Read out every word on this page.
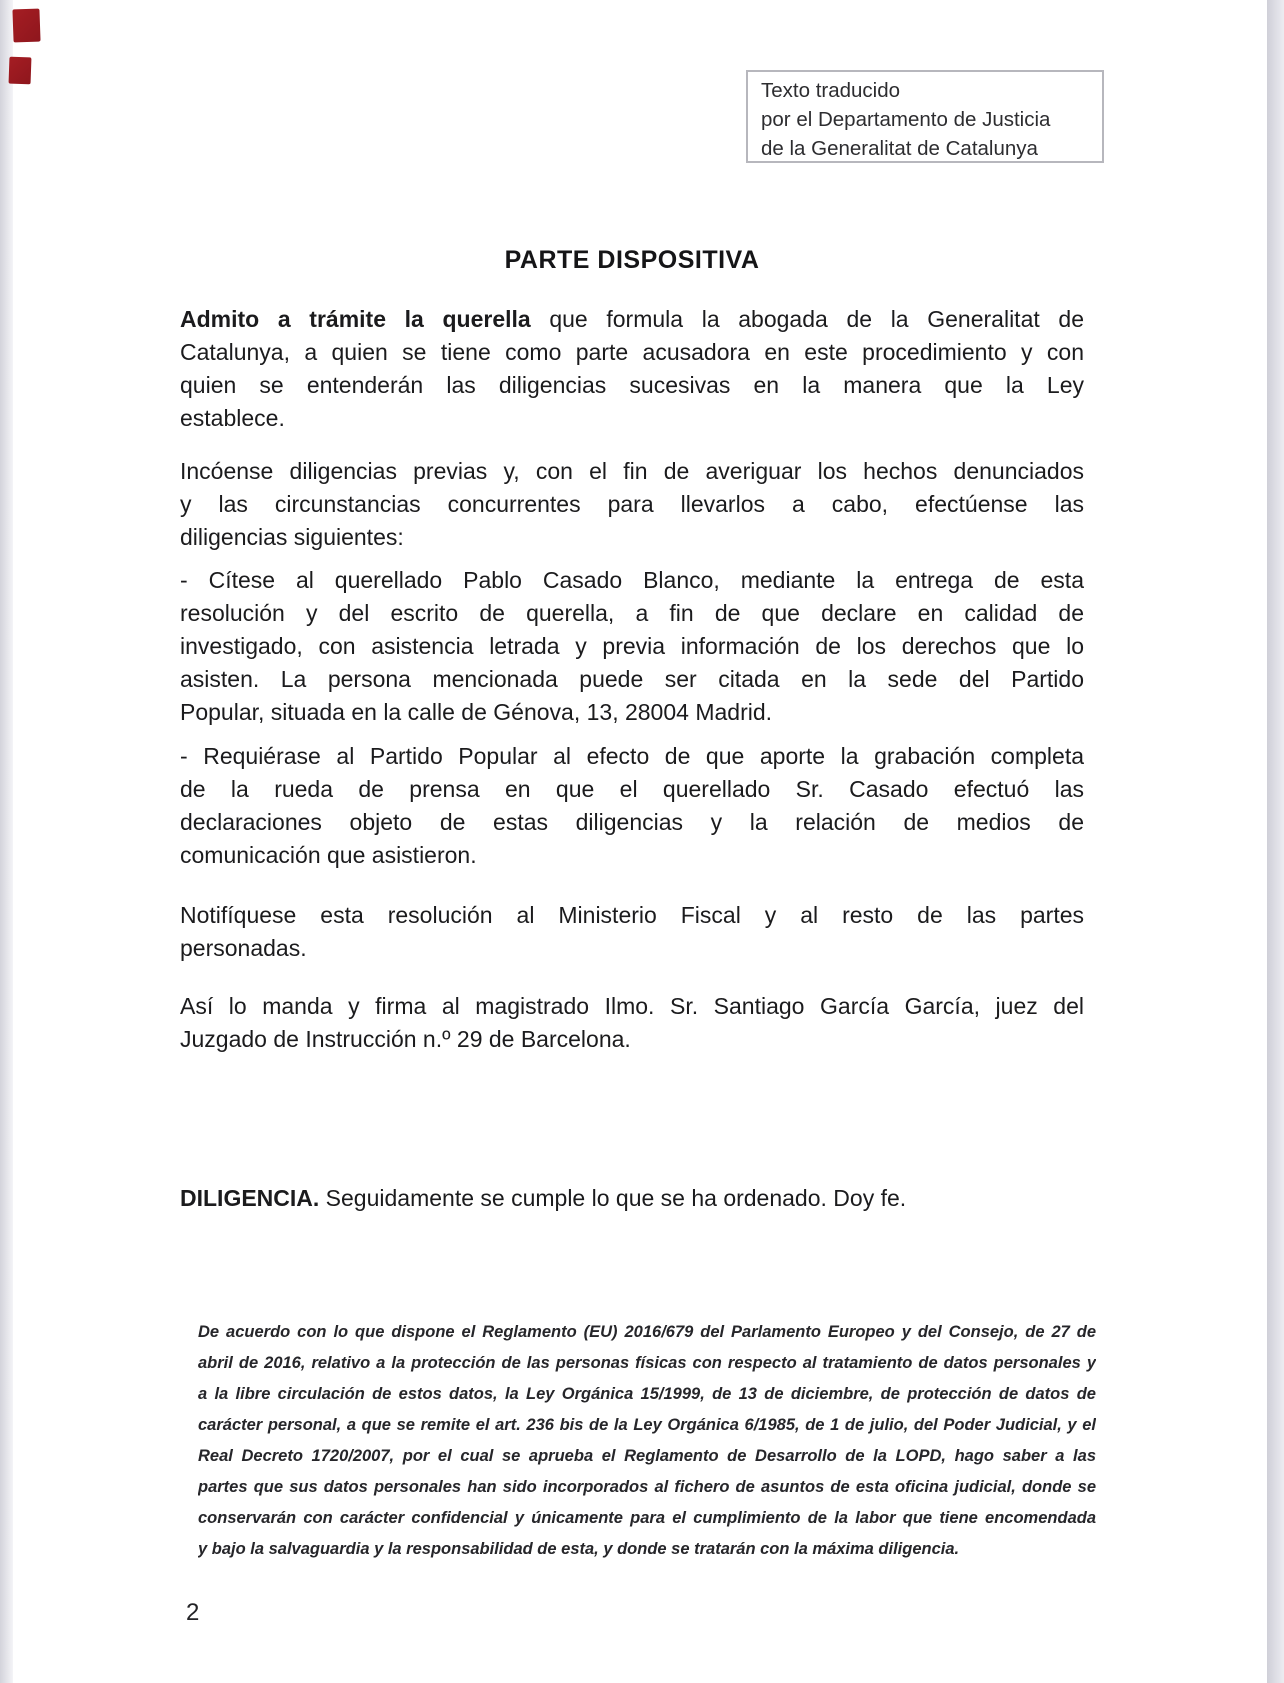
Texto traducido
por el Departamento de Justicia
de la Generalitat de Catalunya
PARTE DISPOSITIVA
Admito a trámite la querella que formula la abogada de la Generalitat de
Catalunya, a quien se tiene como parte acusadora en este procedimiento y con
quien se entenderán las diligencias sucesivas en la manera que la Ley
establece.
Incóense diligencias previas y, con el fin de averiguar los hechos denunciados
y las circunstancias concurrentes para llevarlos a cabo, efectúense las
diligencias siguientes:
- Cítese al querellado Pablo Casado Blanco, mediante la entrega de esta
resolución y del escrito de querella, a fin de que declare en calidad de
investigado, con asistencia letrada y previa información de los derechos que lo
asisten. La persona mencionada puede ser citada en la sede del Partido
Popular, situada en la calle de Génova, 13, 28004 Madrid.
- Requiérase al Partido Popular al efecto de que aporte la grabación completa
de la rueda de prensa en que el querellado Sr. Casado efectuó las
declaraciones objeto de estas diligencias y la relación de medios de
comunicación que asistieron.
Notifíquese esta resolución al Ministerio Fiscal y al resto de las partes
personadas.
Así lo manda y firma al magistrado Ilmo. Sr. Santiago García García, juez del
Juzgado de Instrucción n.º 29 de Barcelona.
DILIGENCIA. Seguidamente se cumple lo que se ha ordenado. Doy fe.
De acuerdo con lo que dispone el Reglamento (EU) 2016/679 del Parlamento Europeo y del Consejo, de 27 de
abril de 2016, relativo a la protección de las personas físicas con respecto al tratamiento de datos personales y
a la libre circulación de estos datos, la Ley Orgánica 15/1999, de 13 de diciembre, de protección de datos de
carácter personal, a que se remite el art. 236 bis de la Ley Orgánica 6/1985, de 1 de julio, del Poder Judicial, y el
Real Decreto 1720/2007, por el cual se aprueba el Reglamento de Desarrollo de la LOPD, hago saber a las
partes que sus datos personales han sido incorporados al fichero de asuntos de esta oficina judicial, donde se
conservarán con carácter confidencial y únicamente para el cumplimiento de la labor que tiene encomendada
y bajo la salvaguardia y la responsabilidad de esta, y donde se tratarán con la máxima diligencia.
2
